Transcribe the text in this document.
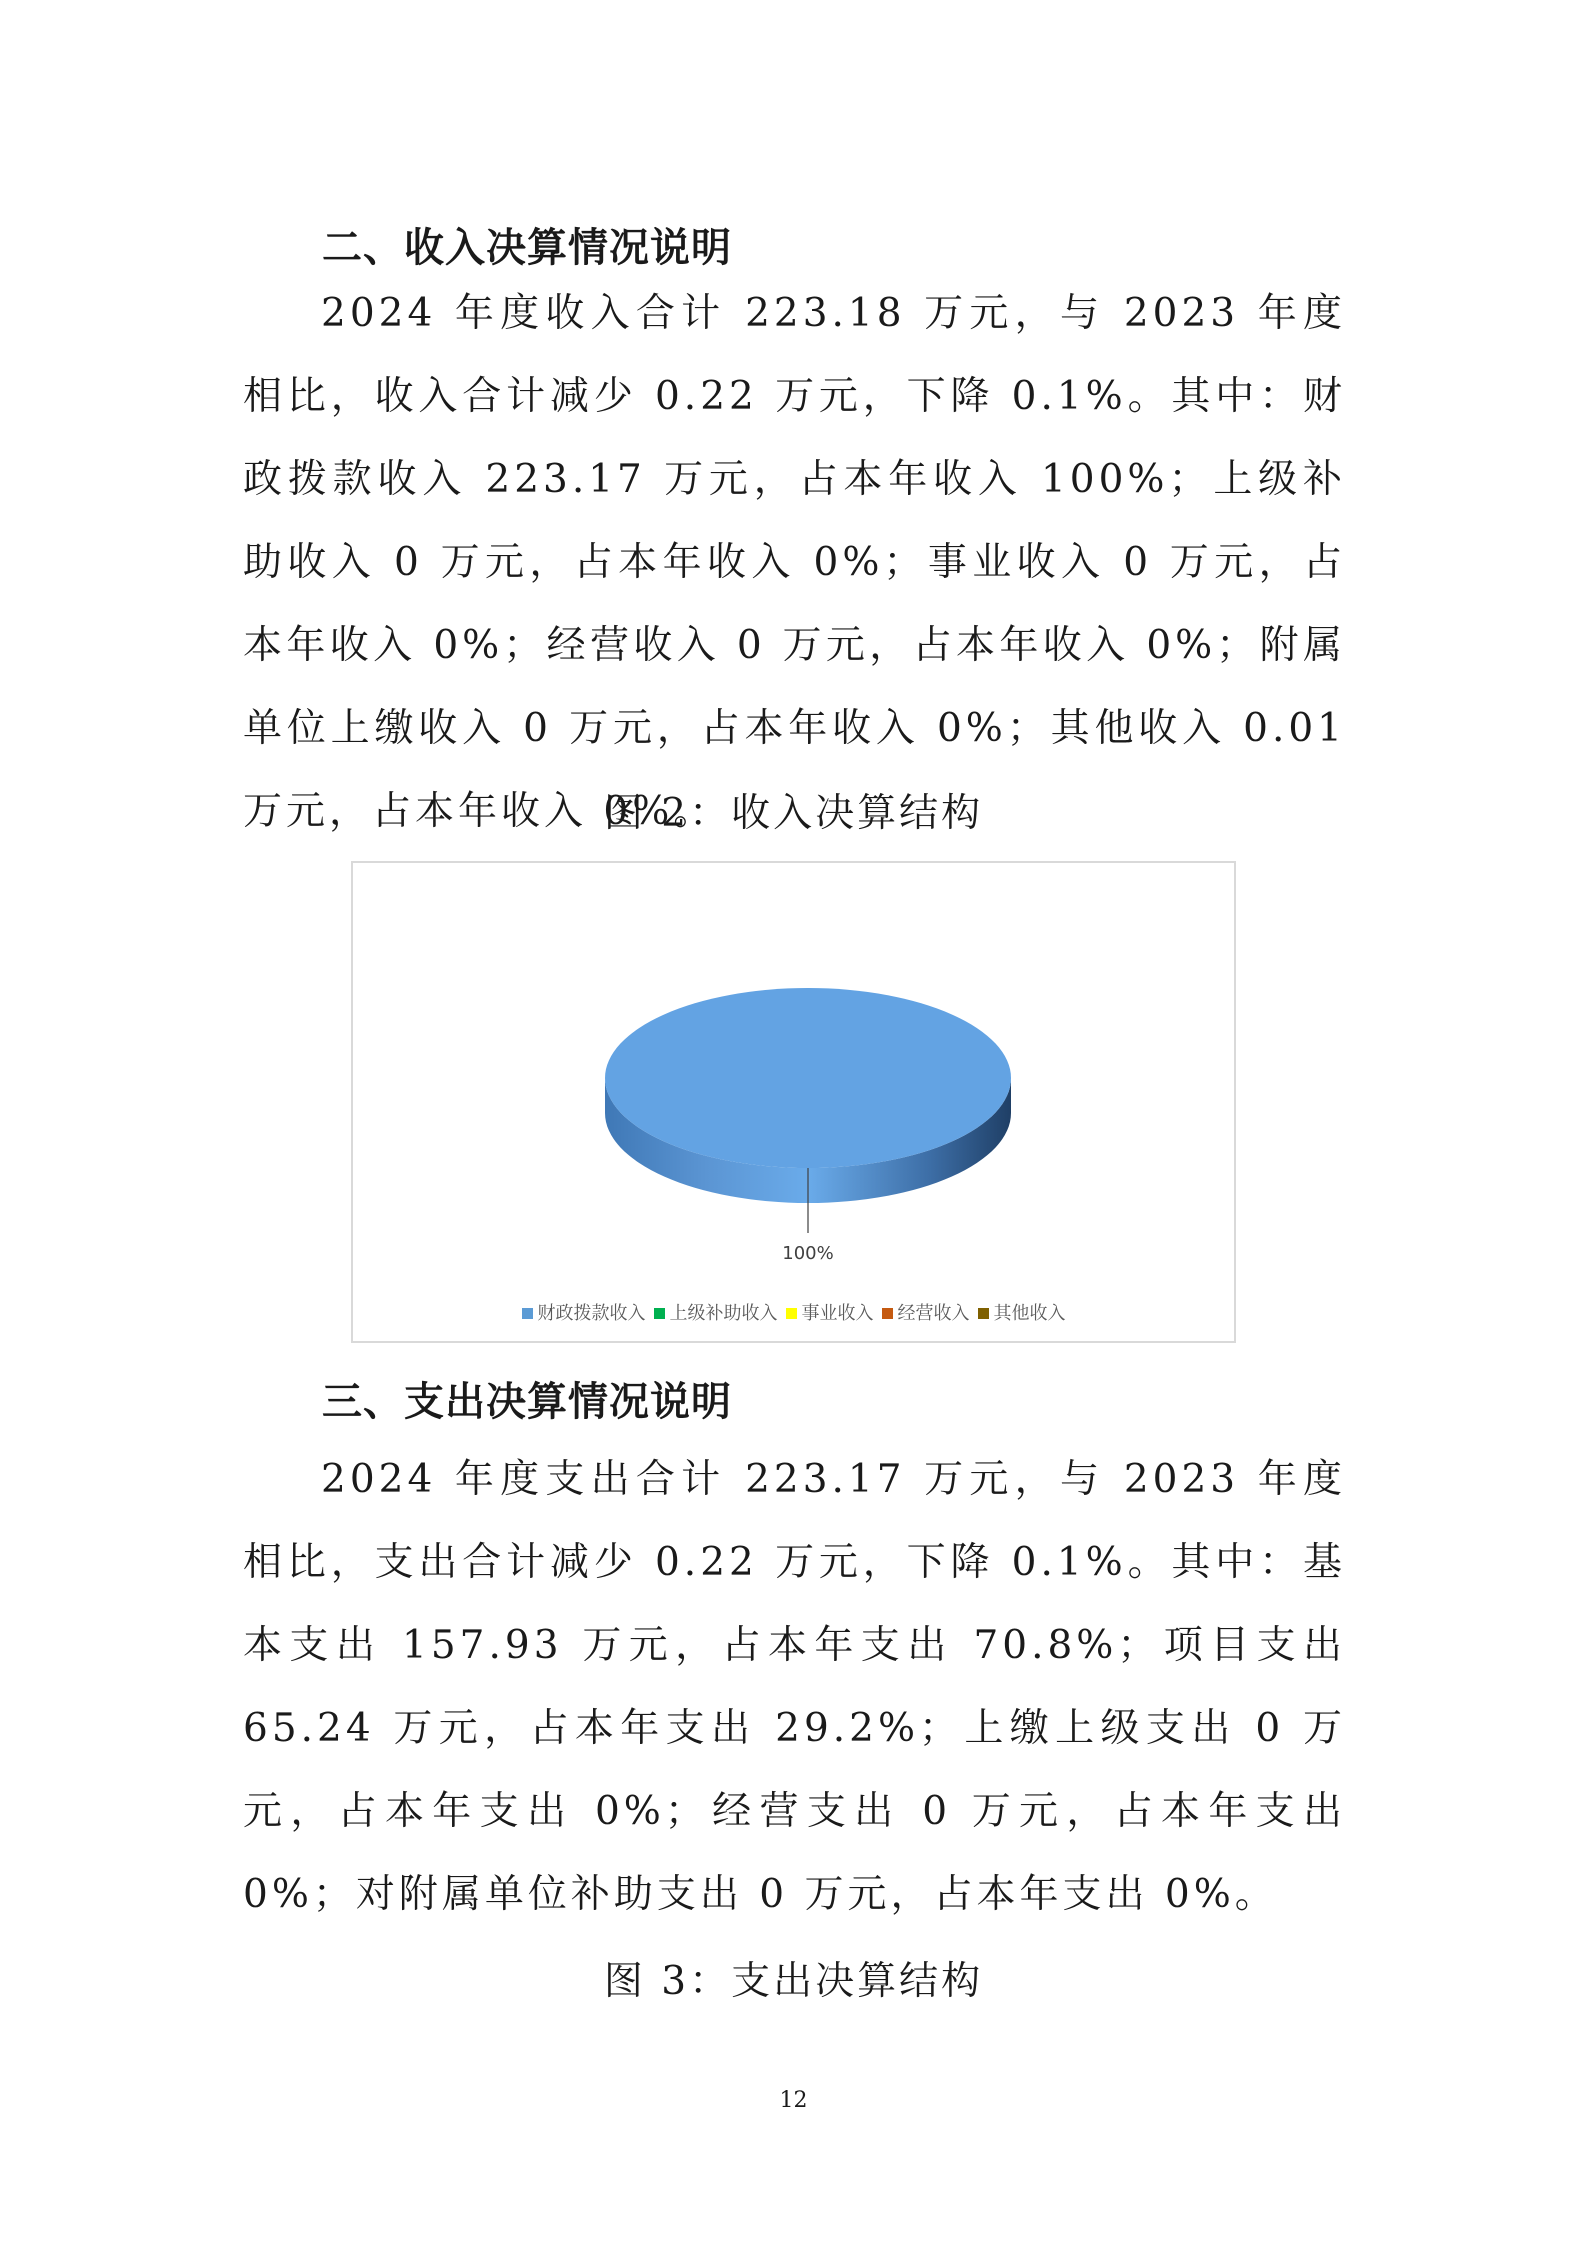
二、收入决算情况说明

2024 年度收入合计 223.18 万元，与 2023 年度相比，收入合计减少 0.22 万元，下降 0.1%。其中：财政拨款收入 223.17 万元，占本年收入 100%；上级补助收入 0 万元，占本年收入 0%；事业收入 0 万元，占本年收入 0%；经营收入 0 万元，占本年收入 0%；附属单位上缴收入 0 万元，占本年收入 0%；其他收入 0.01 万元，占本年收入 0%。

图 2：收入决算结构
100%
财政拨款收入 上级补助收入 事业收入 经营收入 其他收入
三、支出决算情况说明

2024 年度支出合计 223.17 万元，与 2023 年度相比，支出合计减少 0.22 万元，下降 0.1%。其中：基本支出 157.93 万元，占本年支出 70.8%；项目支出 65.24 万元，占本年支出 29.2%；上缴上级支出 0 万元，占本年支出 0%；经营支出 0 万元，占本年支出 0%；对附属单位补助支出 0 万元，占本年支出 0%。

图 3：支出决算结构
12
